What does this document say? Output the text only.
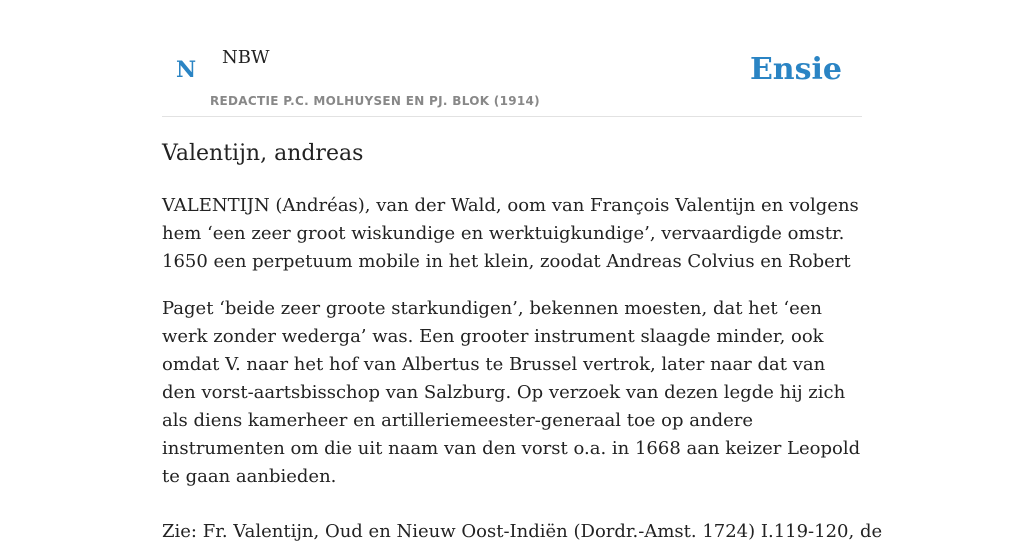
N NBW
REDACTIE P.C. MOLHUYSEN EN PJ. BLOK (1914)
Ensie
Valentijn, andreas

VALENTIJN (Andréas), van der Wald, oom van François Valentijn en volgens hem ‘een zeer groot wiskundige en werktuigkundige’, vervaardigde omstr. 1650 een perpetuum mobile in het klein, zoodat Andreas Colvius en Robert

Paget ‘beide zeer groote starkundigen’, bekennen moesten, dat het ‘een werk zonder wederga’ was. Een grooter instrument slaagde minder, ook omdat V. naar het hof van Albertus te Brussel vertrok, later naar dat van den vorst-aartsbisschop van Salzburg. Op verzoek van dezen legde hij zich als diens kamerheer en artilleriemeester-generaal toe op andere instrumenten om die uit naam van den vorst o.a. in 1668 aan keizer Leopold te gaan aanbieden.

Zie: Fr. Valentijn, Oud en Nieuw Oost-Indiën (Dordr.-Amst. 1724) I.119-120, de
